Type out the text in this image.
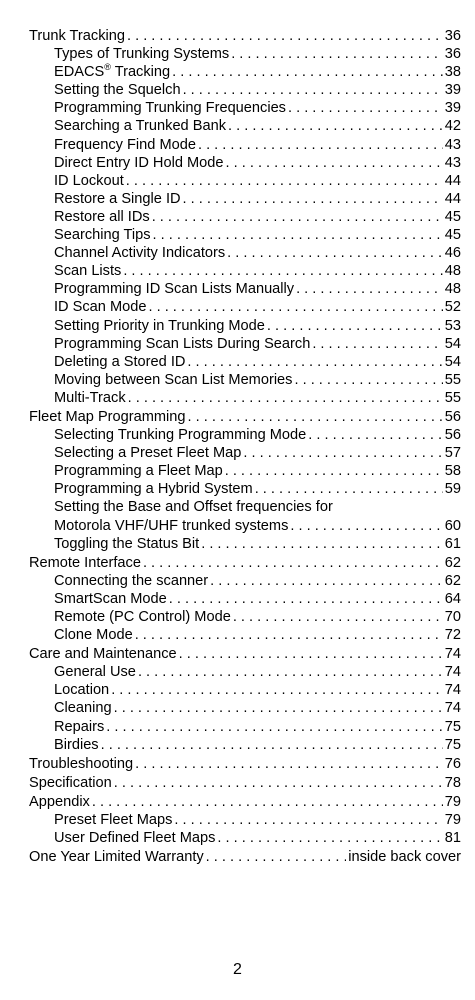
Trunk Tracking . . .	36
Types of Trunking Systems . . .	36
EDACS® Tracking . . .	38
Setting the Squelch . . .	39
Programming Trunking Frequencies . . .	39
Searching a Trunked Bank . . .	42
Frequency Find Mode . . .	43
Direct Entry ID Hold Mode . . .	43
ID Lockout . . .	44
Restore a Single ID . . .	44
Restore all IDs . . .	45
Searching Tips . . .	45
Channel Activity Indicators . . .	46
Scan Lists . . .	48
Programming ID Scan Lists Manually . . .	48
ID Scan Mode . . .	52
Setting Priority in Trunking Mode . . .	53
Programming Scan Lists During Search . . .	54
Deleting a Stored ID . . .	54
Moving between Scan List Memories . . .	55
Multi-Track . . .	55
Fleet Map Programming . . .	56
Selecting Trunking Programming Mode . . .	56
Selecting a Preset Fleet Map . . .	57
Programming a Fleet Map . . .	58
Programming a Hybrid System . . .	59
Setting the Base and Offset frequencies for
Motorola VHF/UHF trunked systems . . .	60
Toggling the Status Bit . . .	61
Remote Interface . . .	62
Connecting the scanner . . .	62
SmartScan Mode . . .	64
Remote (PC Control) Mode . . .	70
Clone Mode . . .	72
Care and Maintenance . . .	74
General Use . . .	74
Location . . .	74
Cleaning . . .	74
Repairs . . .	75
Birdies . . .	75
Troubleshooting . . .	76
Specification . . .	78
Appendix . . .	79
Preset Fleet Maps . . .	79
User Defined Fleet Maps . . .	81
One Year Limited Warranty . . .	inside back cover
2
